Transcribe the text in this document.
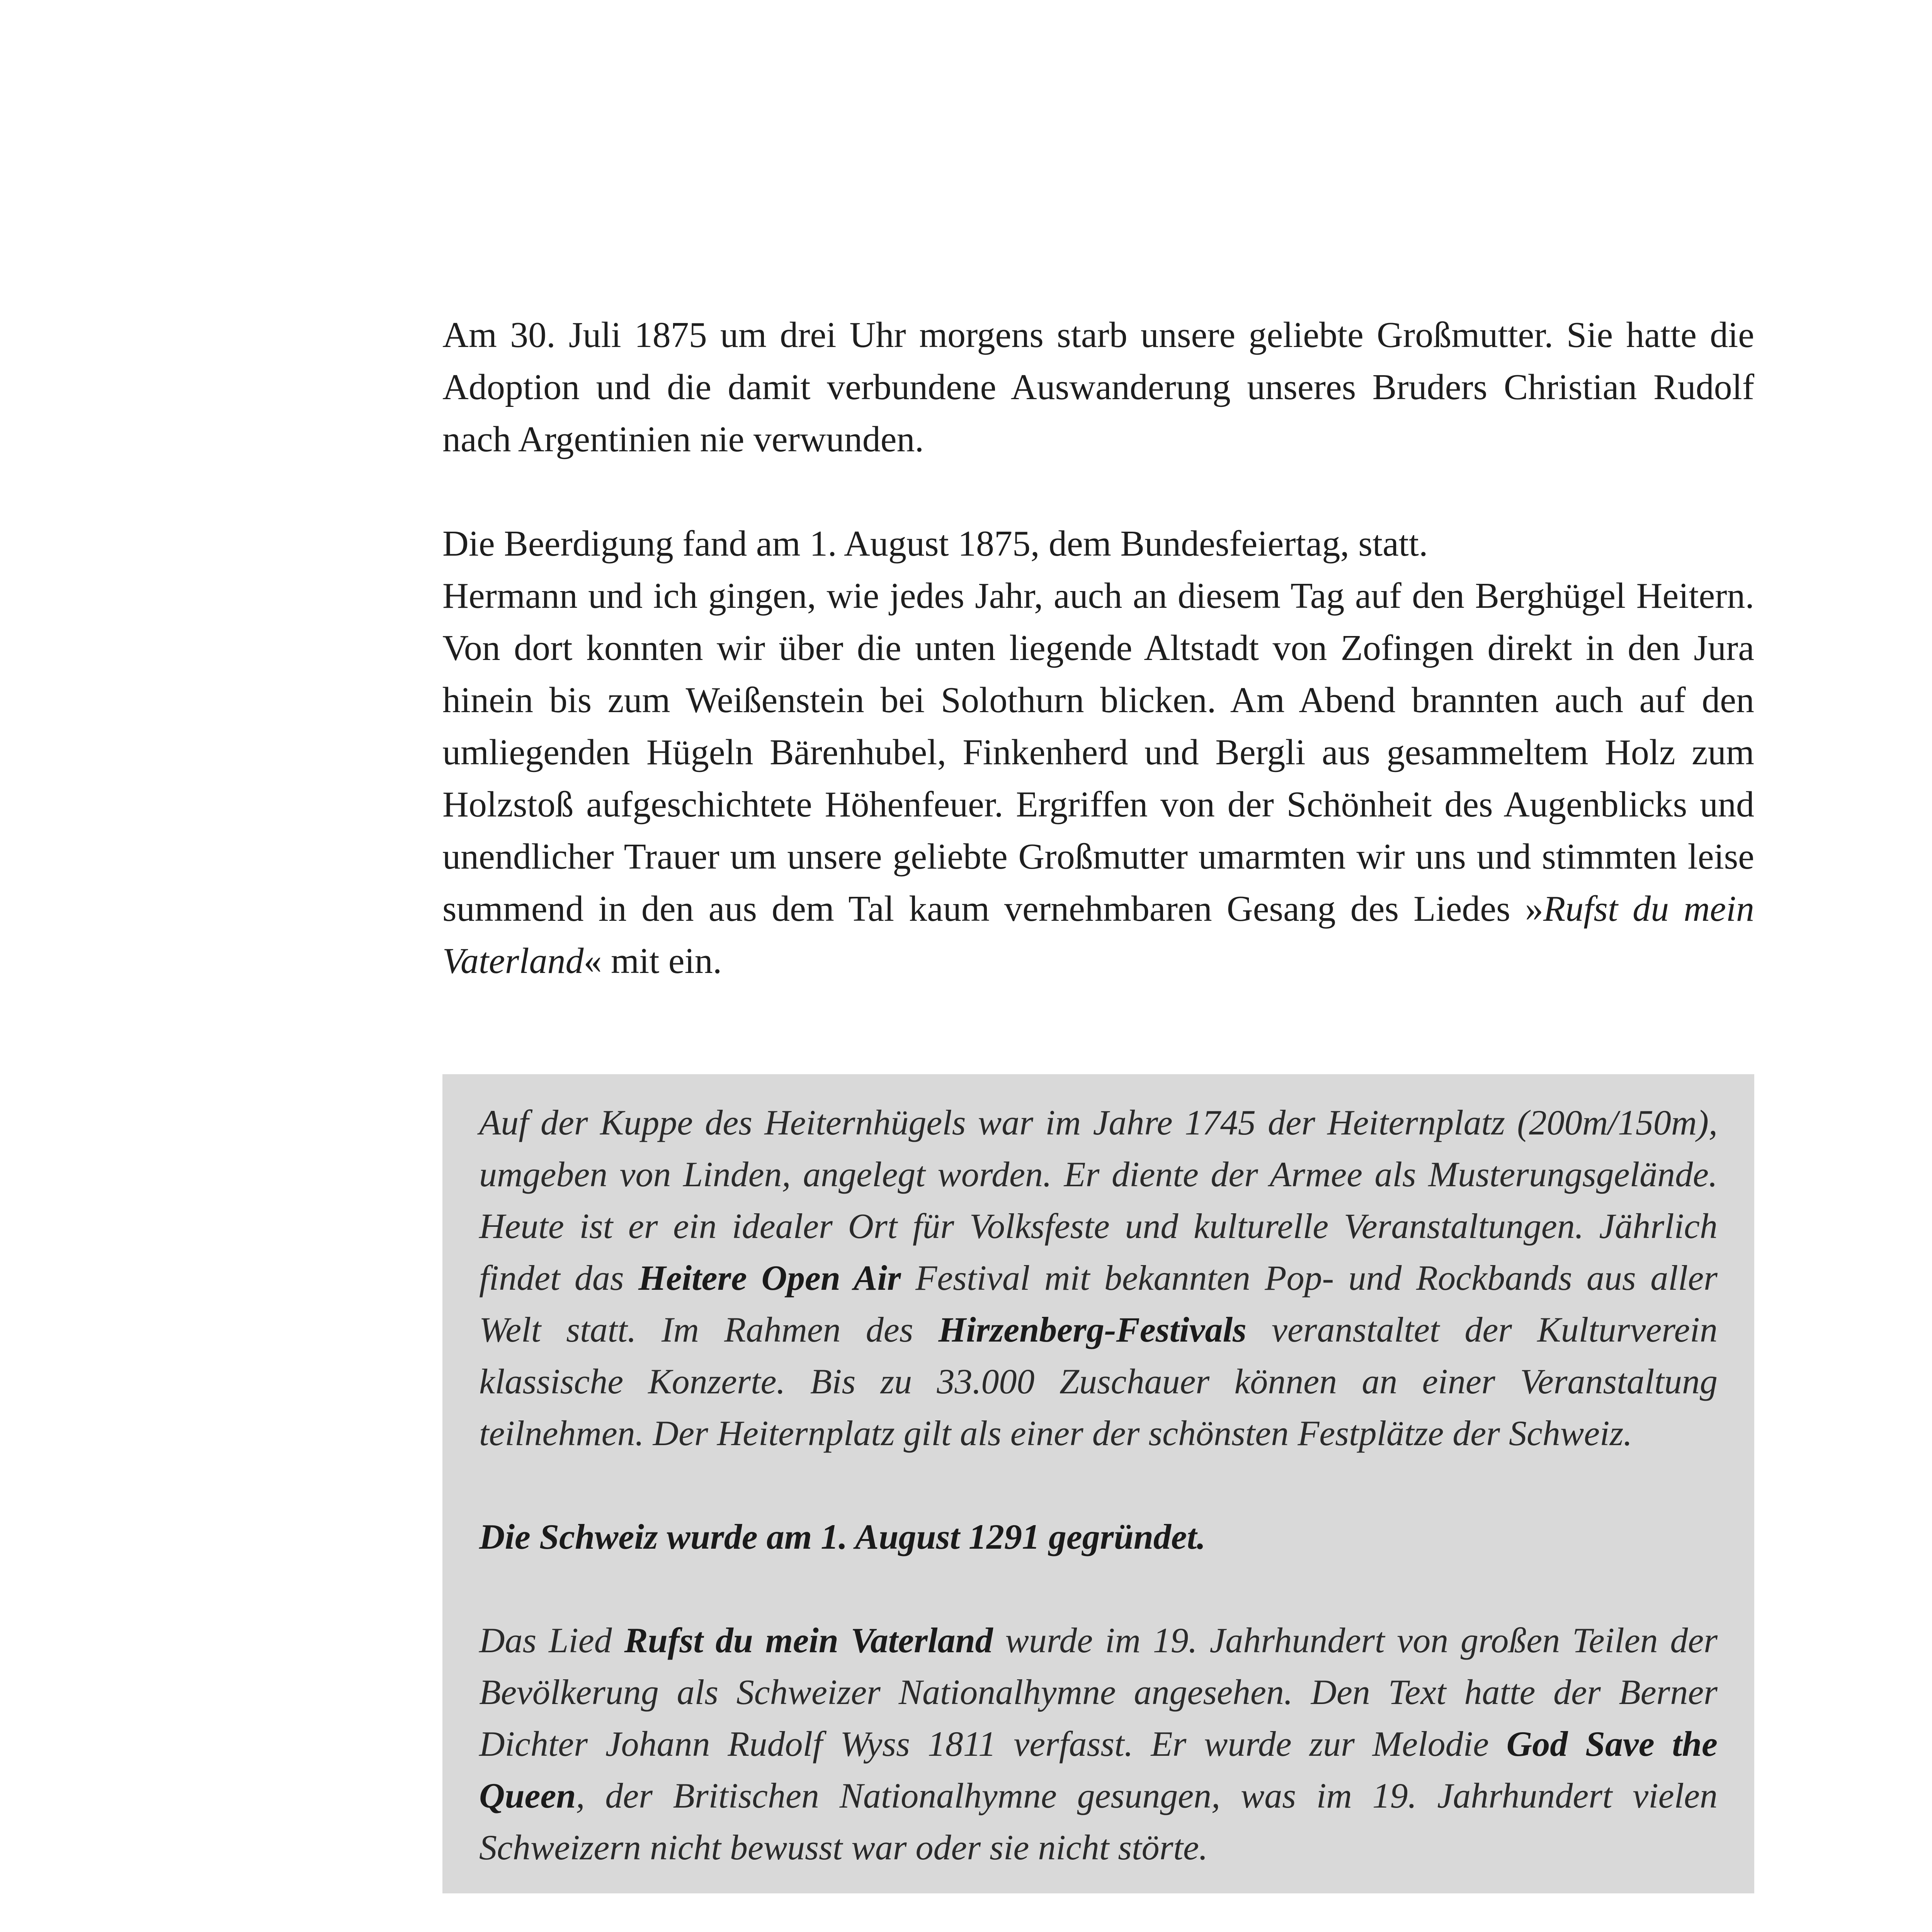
Am 30. Juli 1875 um drei Uhr morgens starb unsere geliebte Großmutter. Sie hatte die Adoption und die damit verbundene Auswanderung unseres Bruders Christian Rudolf nach Argentinien nie verwunden.

Die Beerdigung fand am 1. August 1875, dem Bundesfeiertag, statt.
Hermann und ich gingen, wie jedes Jahr, auch an diesem Tag auf den Berghügel Heitern. Von dort konnten wir über die unten liegende Altstadt von Zofingen direkt in den Jura hinein bis zum Weißenstein bei Solothurn blicken. Am Abend brannten auch auf den umliegenden Hügeln Bärenhubel, Finkenherd und Bergli aus gesammeltem Holz zum Holzstoß aufgeschichtete Höhenfeuer. Ergriffen von der Schönheit des Augenblicks und unendlicher Trauer um unsere geliebte Großmutter umarmten wir uns und stimmten leise summend in den aus dem Tal kaum vernehmbaren Gesang des Liedes »Rufst du mein Vaterland« mit ein.

Auf der Kuppe des Heiternhügels war im Jahre 1745 der Heiternplatz (200m/150m), umgeben von Linden, angelegt worden. Er diente der Armee als Musterungsgelände. Heute ist er ein idealer Ort für Volksfeste und kulturelle Veranstaltungen. Jährlich findet das Heitere Open Air Festival mit bekannten Pop- und Rockbands aus aller Welt statt. Im Rahmen des Hirzenberg-Festivals veranstaltet der Kulturverein klassische Konzerte. Bis zu 33.000 Zuschauer können an einer Veranstaltung teilnehmen. Der Heiternplatz gilt als einer der schönsten Festplätze der Schweiz.

Die Schweiz wurde am 1. August 1291 gegründet.

Das Lied Rufst du mein Vaterland wurde im 19. Jahrhundert von großen Teilen der Bevölkerung als Schweizer Nationalhymne angesehen. Den Text hatte der Berner Dichter Johann Rudolf Wyss 1811 verfasst. Er wurde zur Melodie God Save the Queen, der Britischen Nationalhymne gesungen, was im 19. Jahrhundert vielen Schweizern nicht bewusst war oder sie nicht störte.
